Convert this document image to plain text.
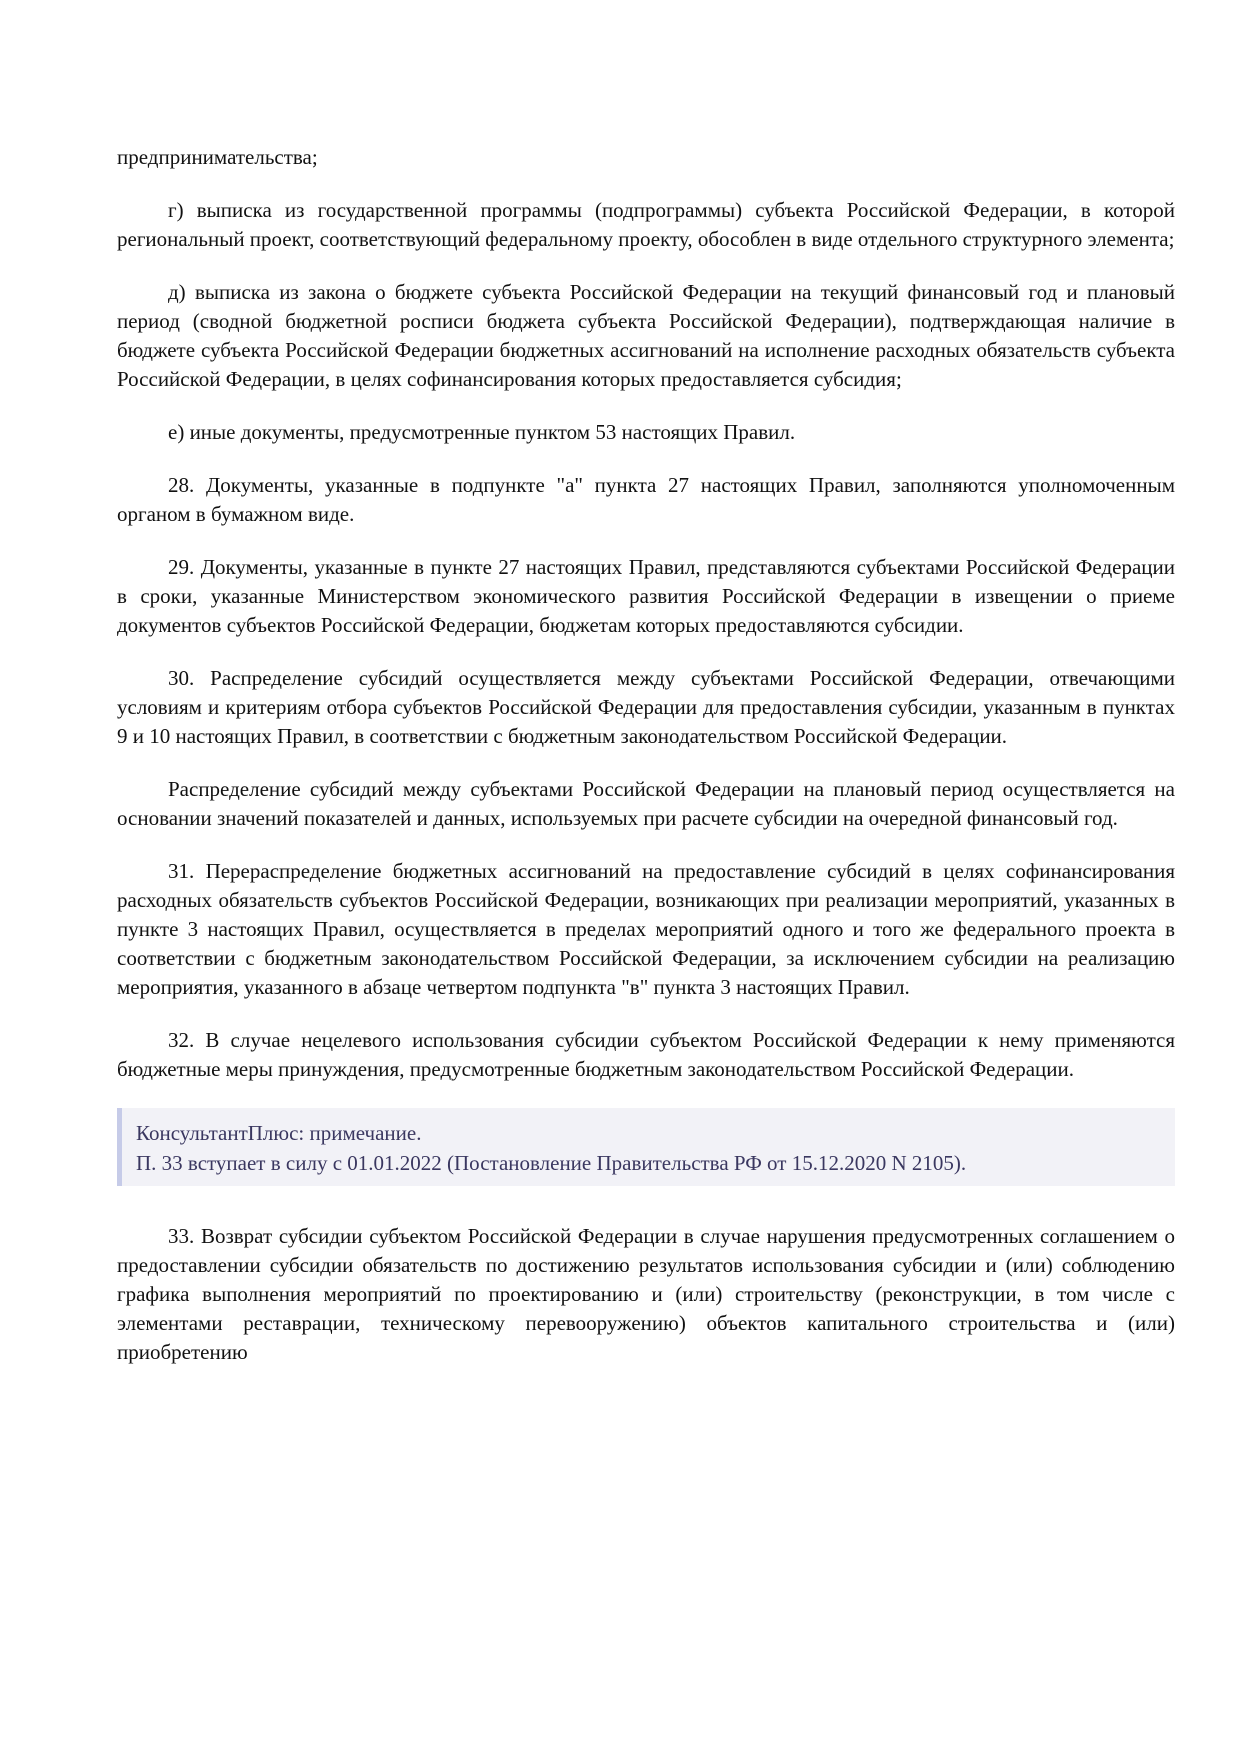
предпринимательства;

г) выписка из государственной программы (подпрограммы) субъекта Российской Федерации, в которой региональный проект, соответствующий федеральному проекту, обособлен в виде отдельного структурного элемента;

д) выписка из закона о бюджете субъекта Российской Федерации на текущий финансовый год и плановый период (сводной бюджетной росписи бюджета субъекта Российской Федерации), подтверждающая наличие в бюджете субъекта Российской Федерации бюджетных ассигнований на исполнение расходных обязательств субъекта Российской Федерации, в целях софинансирования которых предоставляется субсидия;

е) иные документы, предусмотренные пунктом 53 настоящих Правил.

28. Документы, указанные в подпункте "а" пункта 27 настоящих Правил, заполняются уполномоченным органом в бумажном виде.

29. Документы, указанные в пункте 27 настоящих Правил, представляются субъектами Российской Федерации в сроки, указанные Министерством экономического развития Российской Федерации в извещении о приеме документов субъектов Российской Федерации, бюджетам которых предоставляются субсидии.

30. Распределение субсидий осуществляется между субъектами Российской Федерации, отвечающими условиям и критериям отбора субъектов Российской Федерации для предоставления субсидии, указанным в пунктах 9 и 10 настоящих Правил, в соответствии с бюджетным законодательством Российской Федерации.

Распределение субсидий между субъектами Российской Федерации на плановый период осуществляется на основании значений показателей и данных, используемых при расчете субсидии на очередной финансовый год.

31. Перераспределение бюджетных ассигнований на предоставление субсидий в целях софинансирования расходных обязательств субъектов Российской Федерации, возникающих при реализации мероприятий, указанных в пункте 3 настоящих Правил, осуществляется в пределах мероприятий одного и того же федерального проекта в соответствии с бюджетным законодательством Российской Федерации, за исключением субсидии на реализацию мероприятия, указанного в абзаце четвертом подпункта "в" пункта 3 настоящих Правил.

32. В случае нецелевого использования субсидии субъектом Российской Федерации к нему применяются бюджетные меры принуждения, предусмотренные бюджетным законодательством Российской Федерации.

КонсультантПлюс: примечание.
П. 33 вступает в силу с 01.01.2022 (Постановление Правительства РФ от 15.12.2020 N 2105).

33. Возврат субсидии субъектом Российской Федерации в случае нарушения предусмотренных соглашением о предоставлении субсидии обязательств по достижению результатов использования субсидии и (или) соблюдению графика выполнения мероприятий по проектированию и (или) строительству (реконструкции, в том числе с элементами реставрации, техническому перевооружению) объектов капитального строительства и (или) приобретению
